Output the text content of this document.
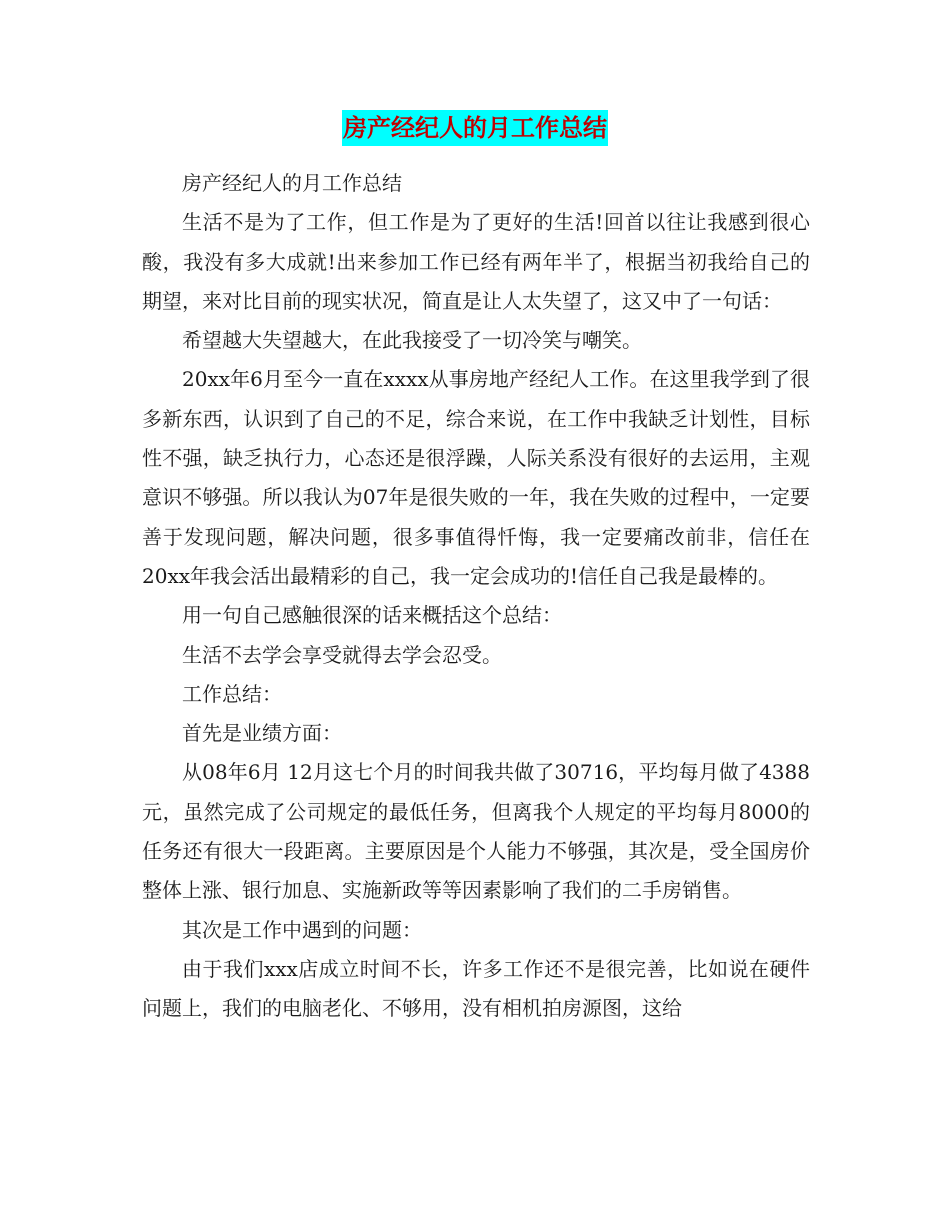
房产经纪人的月工作总结

房产经纪人的月工作总结

生活不是为了工作，但工作是为了更好的生活!回首以往让我感到很心酸，我没有多大成就!出来参加工作已经有两年半了，根据当初我给自己的期望，来对比目前的现实状况，简直是让人太失望了，这又中了一句话：

希望越大失望越大，在此我接受了一切冷笑与嘲笑。

20xx年6月至今一直在xxxx从事房地产经纪人工作。在这里我学到了很多新东西，认识到了自己的不足，综合来说，在工作中我缺乏计划性，目标性不强，缺乏执行力，心态还是很浮躁，人际关系没有很好的去运用，主观意识不够强。所以我认为07年是很失败的一年，我在失败的过程中，一定要善于发现问题，解决问题，很多事值得忏悔，我一定要痛改前非，信任在20xx年我会活出最精彩的自己，我一定会成功的!信任自己我是最棒的。

用一句自己感触很深的话来概括这个总结：

生活不去学会享受就得去学会忍受。

工作总结：

首先是业绩方面：

从08年6月 12月这七个月的时间我共做了30716，平均每月做了4388元，虽然完成了公司规定的最低任务，但离我个人规定的平均每月8000的任务还有很大一段距离。主要原因是个人能力不够强，其次是，受全国房价整体上涨、银行加息、实施新政等等因素影响了我们的二手房销售。

其次是工作中遇到的问题：

由于我们xxx店成立时间不长，许多工作还不是很完善，比如说在硬件问题上，我们的电脑老化、不够用，没有相机拍房源图，这给
